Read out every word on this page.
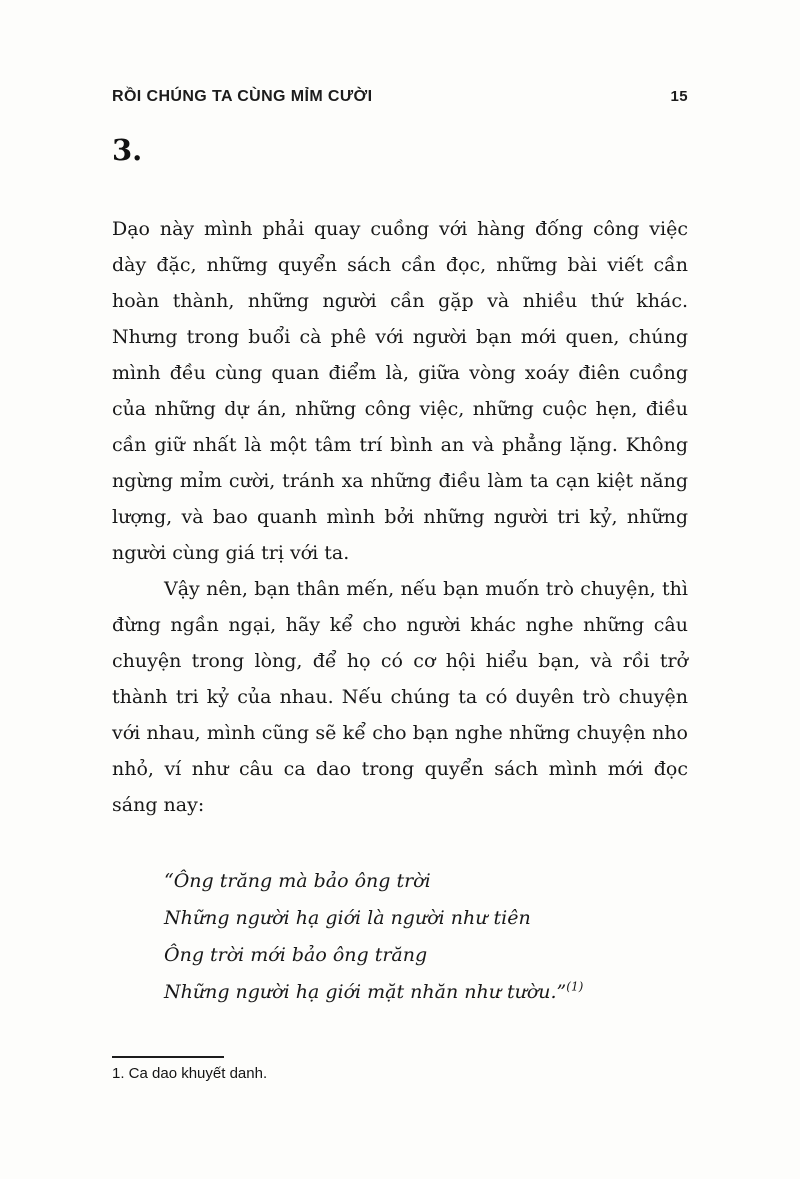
RỒI CHÚNG TA CÙNG MỈM CƯỜI	15
3.

Dạo này mình phải quay cuồng với hàng đống công việc dày đặc, những quyển sách cần đọc, những bài viết cần hoàn thành, những người cần gặp và nhiều thứ khác. Nhưng trong buổi cà phê với người bạn mới quen, chúng mình đều cùng quan điểm là, giữa vòng xoáy điên cuồng của những dự án, những công việc, những cuộc hẹn, điều cần giữ nhất là một tâm trí bình an và phẳng lặng. Không ngừng mỉm cười, tránh xa những điều làm ta cạn kiệt năng lượng, và bao quanh mình bởi những người tri kỷ, những người cùng giá trị với ta.

Vậy nên, bạn thân mến, nếu bạn muốn trò chuyện, thì đừng ngần ngại, hãy kể cho người khác nghe những câu chuyện trong lòng, để họ có cơ hội hiểu bạn, và rồi trở thành tri kỷ của nhau. Nếu chúng ta có duyên trò chuyện với nhau, mình cũng sẽ kể cho bạn nghe những chuyện nho nhỏ, ví như câu ca dao trong quyển sách mình mới đọc sáng nay:

“Ông trăng mà bảo ông trời
Những người hạ giới là người như tiên
Ông trời mới bảo ông trăng
Những người hạ giới mặt nhăn như tườu.”$^{(1)}$
1. Ca dao khuyết danh.
